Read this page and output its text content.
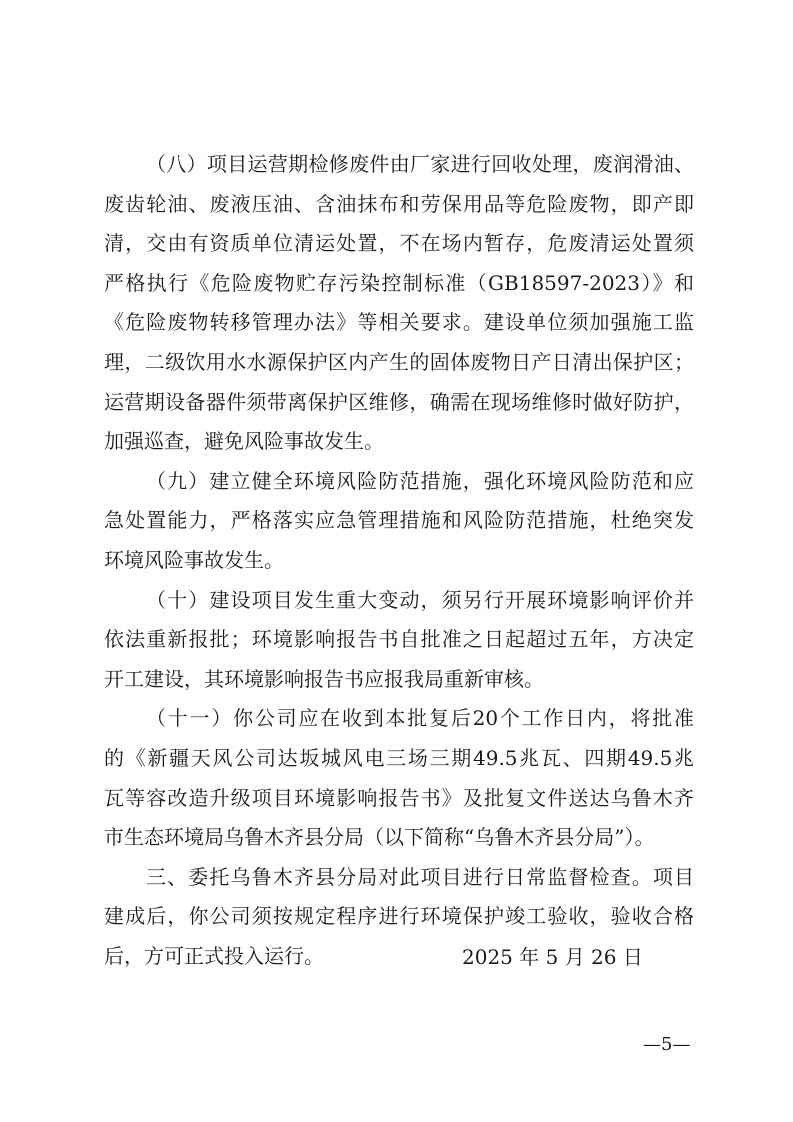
（八）项目运营期检修废件由厂家进行回收处理，废润滑油、
废齿轮油、废液压油、含油抹布和劳保用品等危险废物，即产即
清，交由有资质单位清运处置，不在场内暂存，危废清运处置须
严格执行《危险废物贮存污染控制标准（GB18597-2023）》和
《危险废物转移管理办法》等相关要求。建设单位须加强施工监
理，二级饮用水水源保护区内产生的固体废物日产日清出保护区；
运营期设备器件须带离保护区维修，确需在现场维修时做好防护，
加强巡查，避免风险事故发生。
（九）建立健全环境风险防范措施，强化环境风险防范和应
急处置能力，严格落实应急管理措施和风险防范措施，杜绝突发
环境风险事故发生。
（十）建设项目发生重大变动，须另行开展环境影响评价并
依法重新报批；环境影响报告书自批准之日起超过五年，方决定
开工建设，其环境影响报告书应报我局重新审核。
（十一）你公司应在收到本批复后20个工作日内，将批准
的《新疆天风公司达坂城风电三场三期49.5兆瓦、四期49.5兆
瓦等容改造升级项目环境影响报告书》及批复文件送达乌鲁木齐
市生态环境局乌鲁木齐县分局（以下简称“乌鲁木齐县分局”）。
三、委托乌鲁木齐县分局对此项目进行日常监督检查。项目
建成后，你公司须按规定程序进行环境保护竣工验收，验收合格
后，方可正式投入运行。	2025 年 5 月 26 日
—5—
